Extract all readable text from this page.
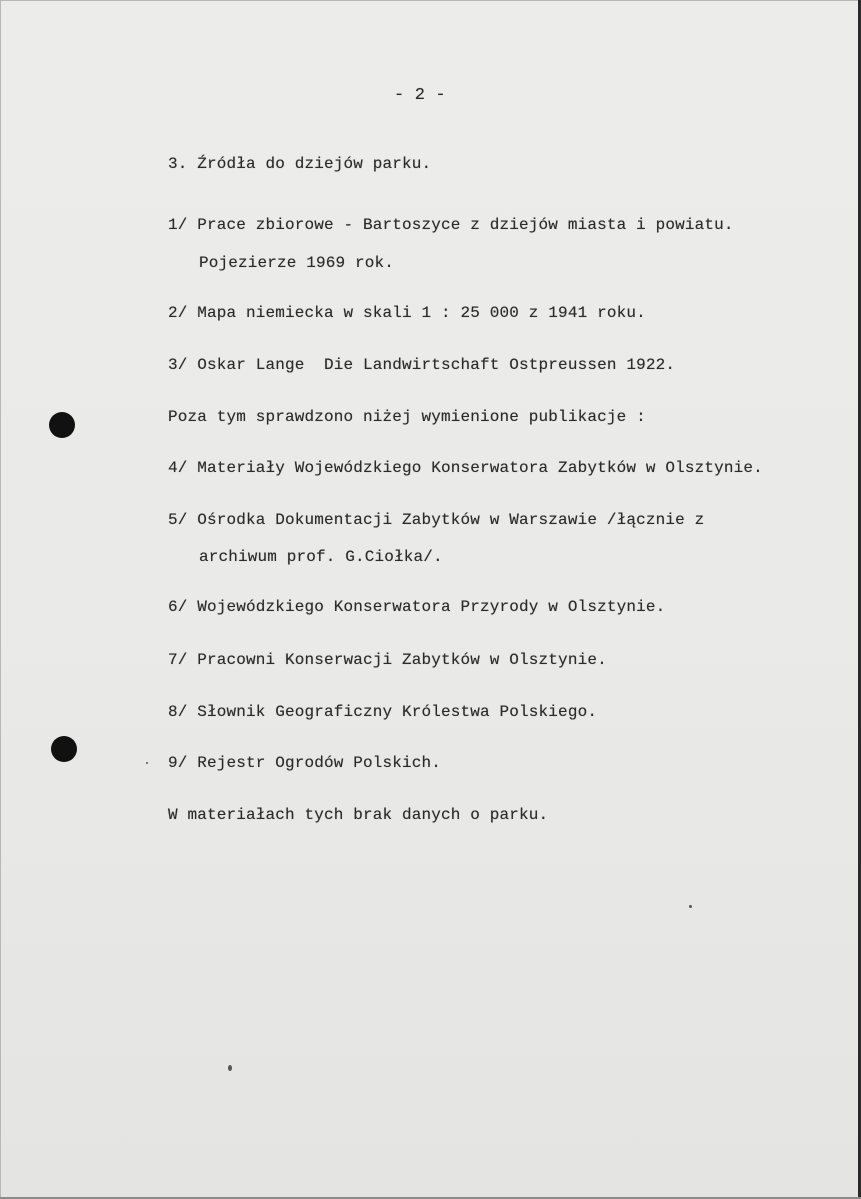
- 2 -
3. Źródła do dziejów parku.
1/ Prace zbiorowe - Bartoszyce z dziejów miasta i powiatu.
Pojezierze 1969 rok.
2/ Mapa niemiecka w skali 1 : 25 000 z 1941 roku.
3/ Oskar Lange  Die Landwirtschaft Ostpreussen 1922.
Poza tym sprawdzono niżej wymienione publikacje :
4/ Materiały Wojewódzkiego Konserwatora Zabytków w Olsztynie.
5/ Ośrodka Dokumentacji Zabytków w Warszawie /łącznie z
archiwum prof. G.Ciołka/.
6/ Wojewódzkiego Konserwatora Przyrody w Olsztynie.
7/ Pracowni Konserwacji Zabytków w Olsztynie.
8/ Słownik Geograficzny Królestwa Polskiego.
9/ Rejestr Ogrodów Polskich.
W materiałach tych brak danych o parku.
